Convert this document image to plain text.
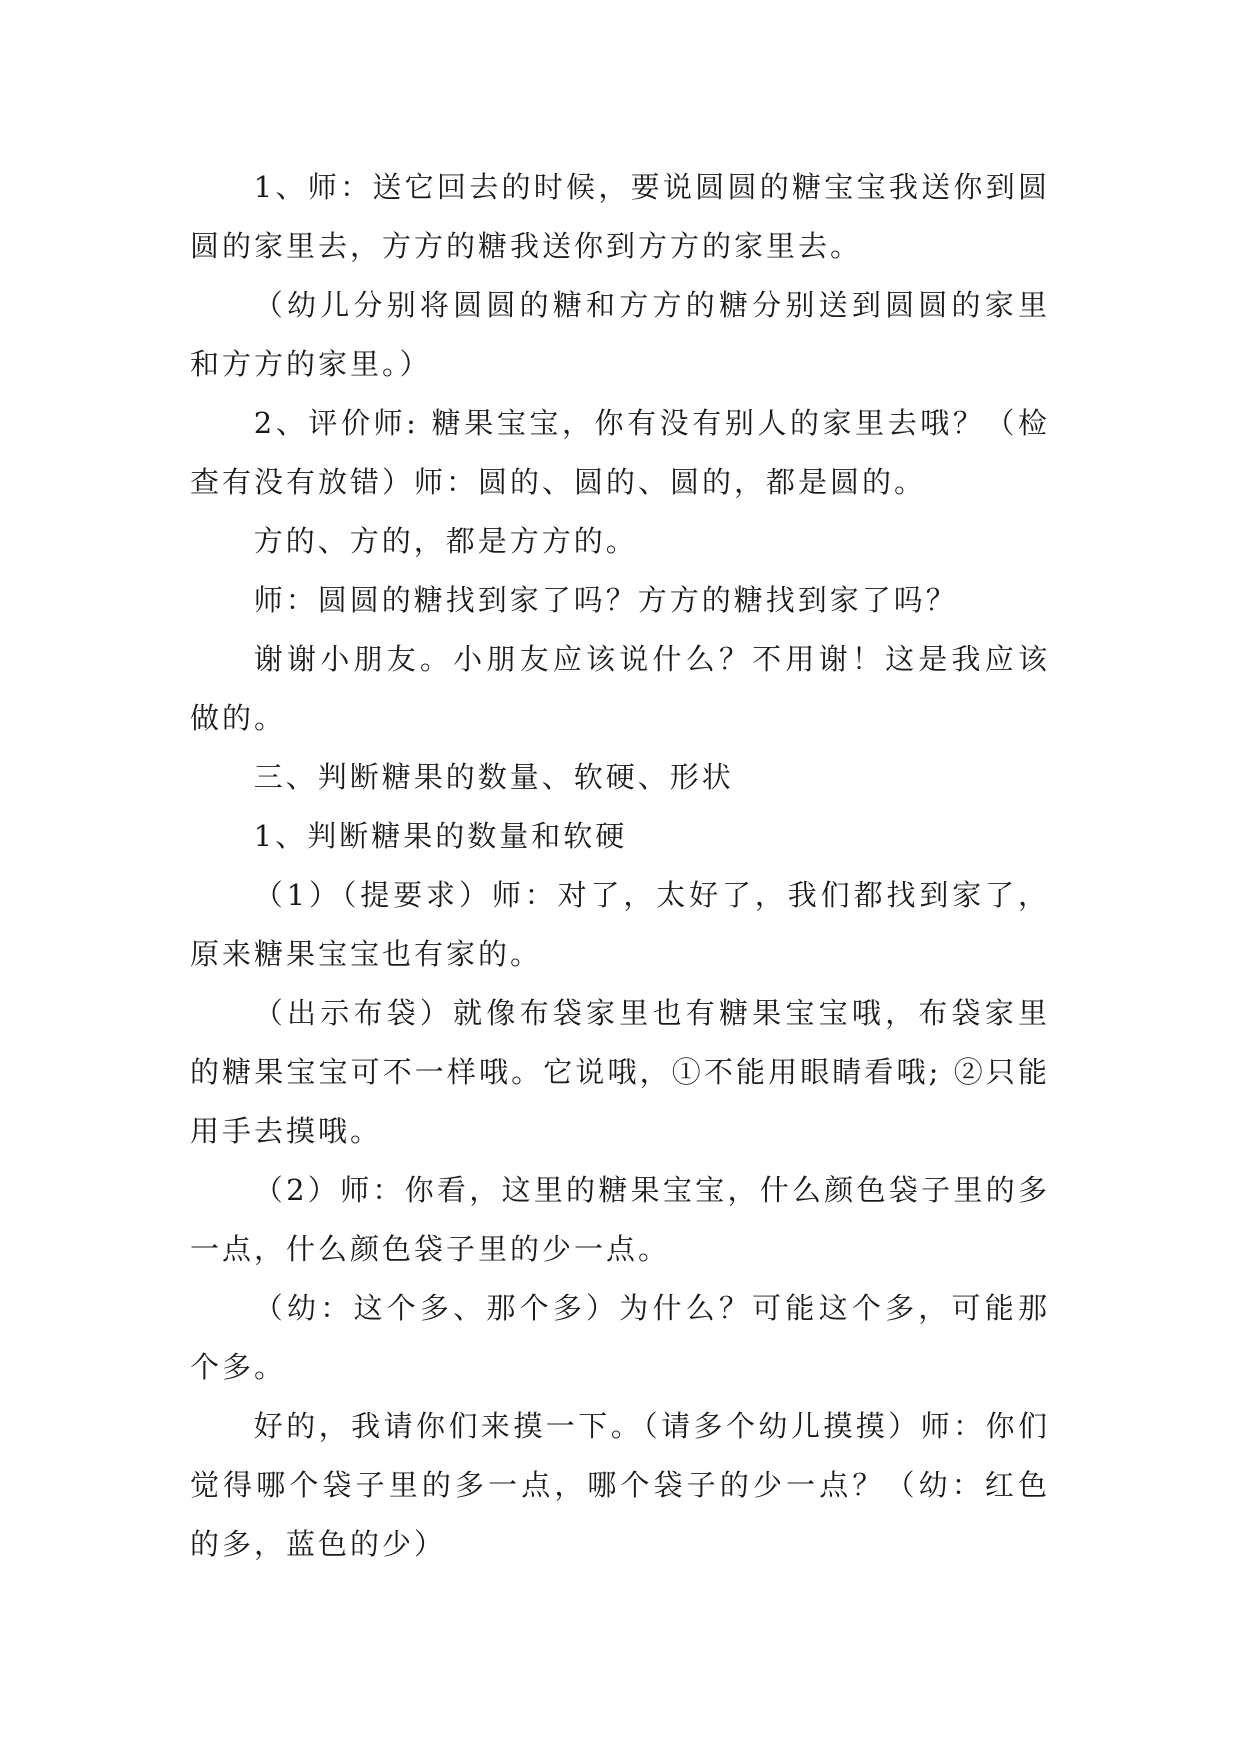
1、师：送它回去的时候，要说圆圆的糖宝宝我送你到圆圆的家里去，方方的糖我送你到方方的家里去。

（幼儿分别将圆圆的糖和方方的糖分别送到圆圆的家里和方方的家里。）

2、评价师: 糖果宝宝，你有没有别人的家里去哦？（检查有没有放错）师：圆的、圆的、圆的，都是圆的。

方的、方的，都是方方的。

师：圆圆的糖找到家了吗？方方的糖找到家了吗？

谢谢小朋友。小朋友应该说什么？不用谢！这是我应该做的。

三、判断糖果的数量、软硬、形状

1、判断糖果的数量和软硬

（1）（提要求）师：对了，太好了，我们都找到家了，原来糖果宝宝也有家的。

（出示布袋）就像布袋家里也有糖果宝宝哦，布袋家里的糖果宝宝可不一样哦。它说哦，①不能用眼睛看哦; ②只能用手去摸哦。

（2）师：你看，这里的糖果宝宝，什么颜色袋子里的多一点，什么颜色袋子里的少一点。

（幼：这个多、那个多）为什么？可能这个多，可能那个多。

好的，我请你们来摸一下。（请多个幼儿摸摸）师：你们觉得哪个袋子里的多一点，哪个袋子的少一点？（幼：红色的多，蓝色的少）
